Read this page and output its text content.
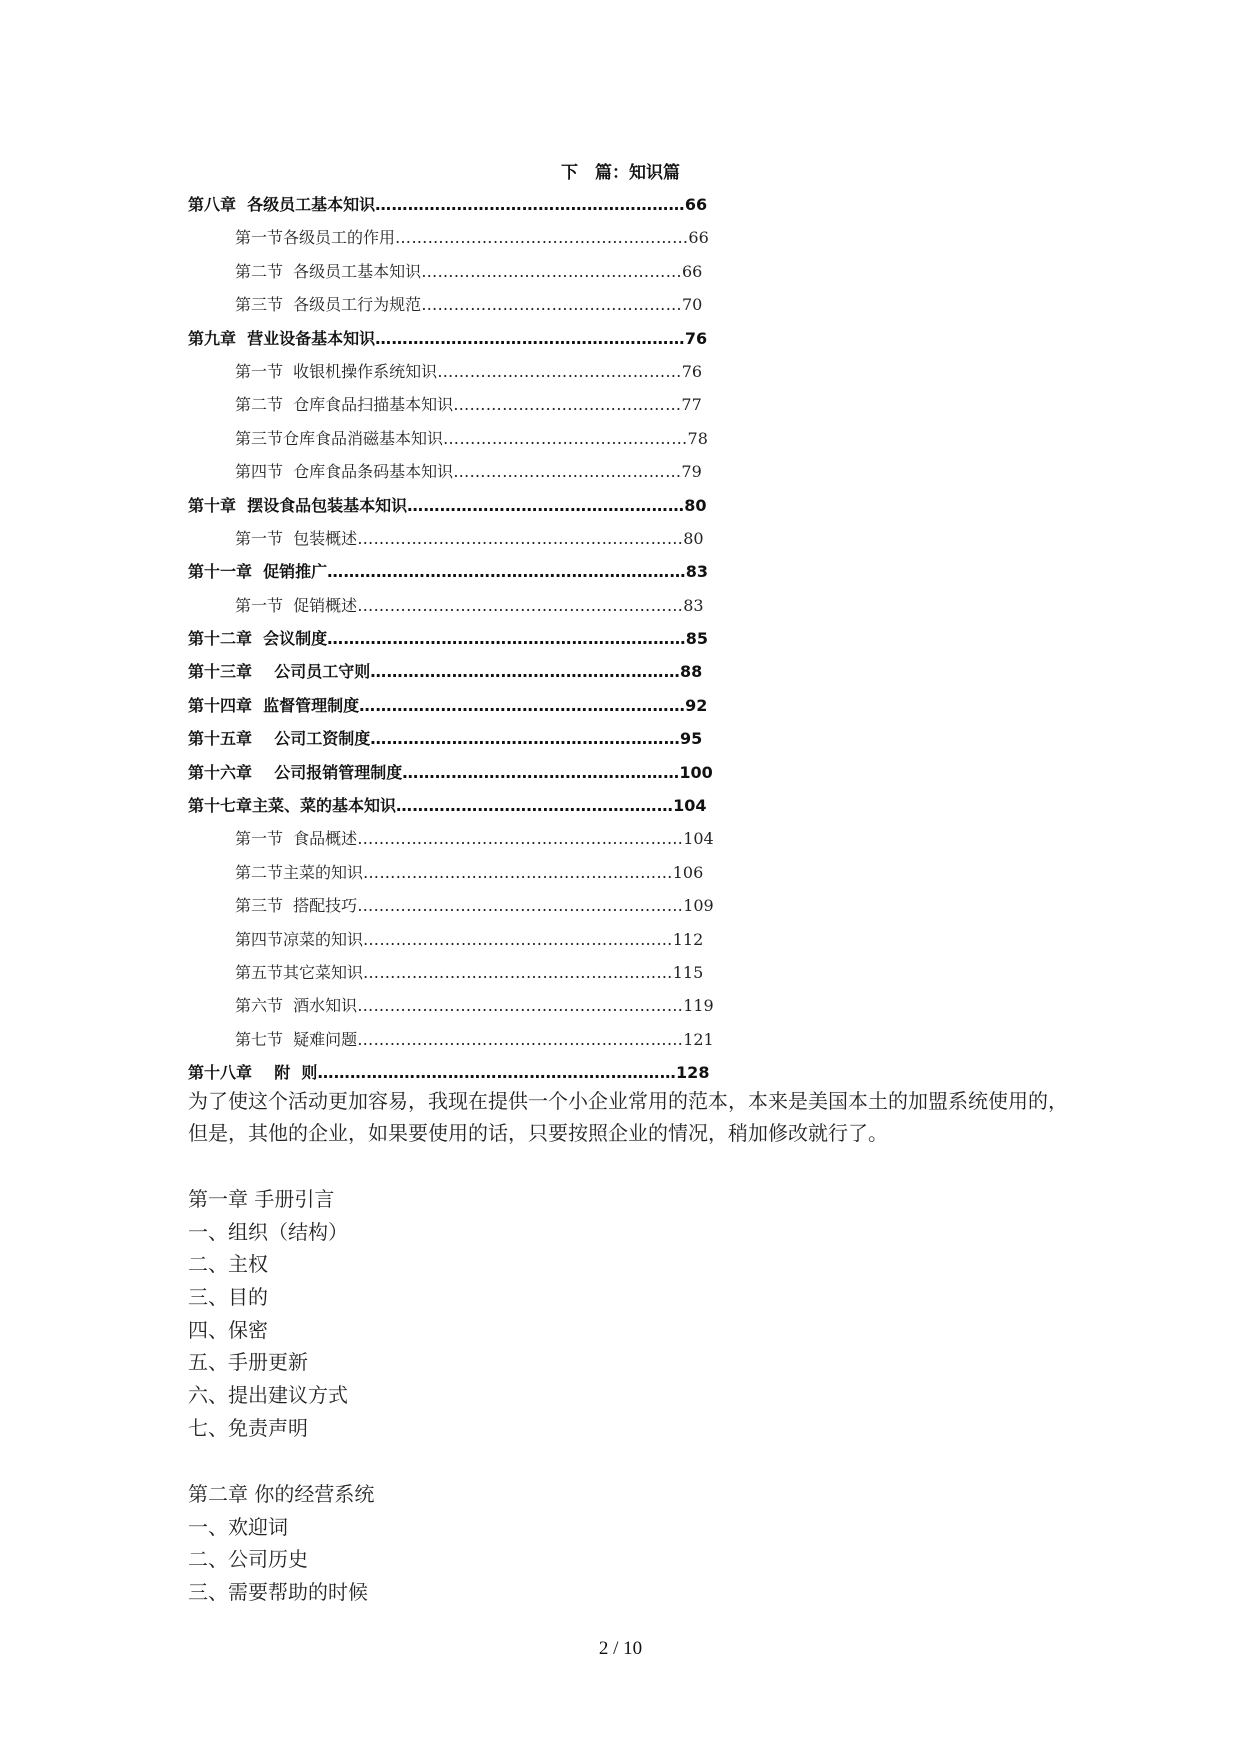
下　篇：知识篇
第八章  各级员工基本知识…………………………………………………66
第一节各级员工的作用………………………………………………66
第二节  各级员工基本知识…………………………………………66
第三节  各级员工行为规范…………………………………………70
第九章  营业设备基本知识…………………………………………………76
第一节  收银机操作系统知识………………………………………76
第二节  仓库食品扫描基本知识……………………………………77
第三节仓库食品消磁基本知识………………………………………78
第四节  仓库食品条码基本知识……………………………………79
第十章  摆设食品包装基本知识……………………………………………80
第一节  包装概述……………………………………………………80
第十一章  促销推广…………………………………………………………83
第一节  促销概述……………………………………………………83
第十二章  会议制度…………………………………………………………85
第十三章    公司员工守则…………………………………………………88
第十四章  监督管理制度……………………………………………………92
第十五章    公司工资制度…………………………………………………95
第十六章    公司报销管理制度……………………………………………100
第十七章主菜、菜的基本知识……………………………………………104
第一节  食品概述……………………………………………………104
第二节主菜的知识…………………………………………………106
第三节  搭配技巧……………………………………………………109
第四节凉菜的知识…………………………………………………112
第五节其它菜知识…………………………………………………115
第六节  酒水知识……………………………………………………119
第七节  疑难问题……………………………………………………121
第十八章    附  则…………………………………………………………128
为了使这个活动更加容易，我现在提供一个小企业常用的范本，本来是美国本土的加盟系统使用的，但是，其他的企业，如果要使用的话，只要按照企业的情况，稍加修改就行了。
第一章 手册引言
一、组织（结构）
二、主权
三、目的
四、保密
五、手册更新
六、提出建议方式
七、免责声明
第二章 你的经营系统
一、欢迎词
二、公司历史
三、需要帮助的时候
2 / 10
